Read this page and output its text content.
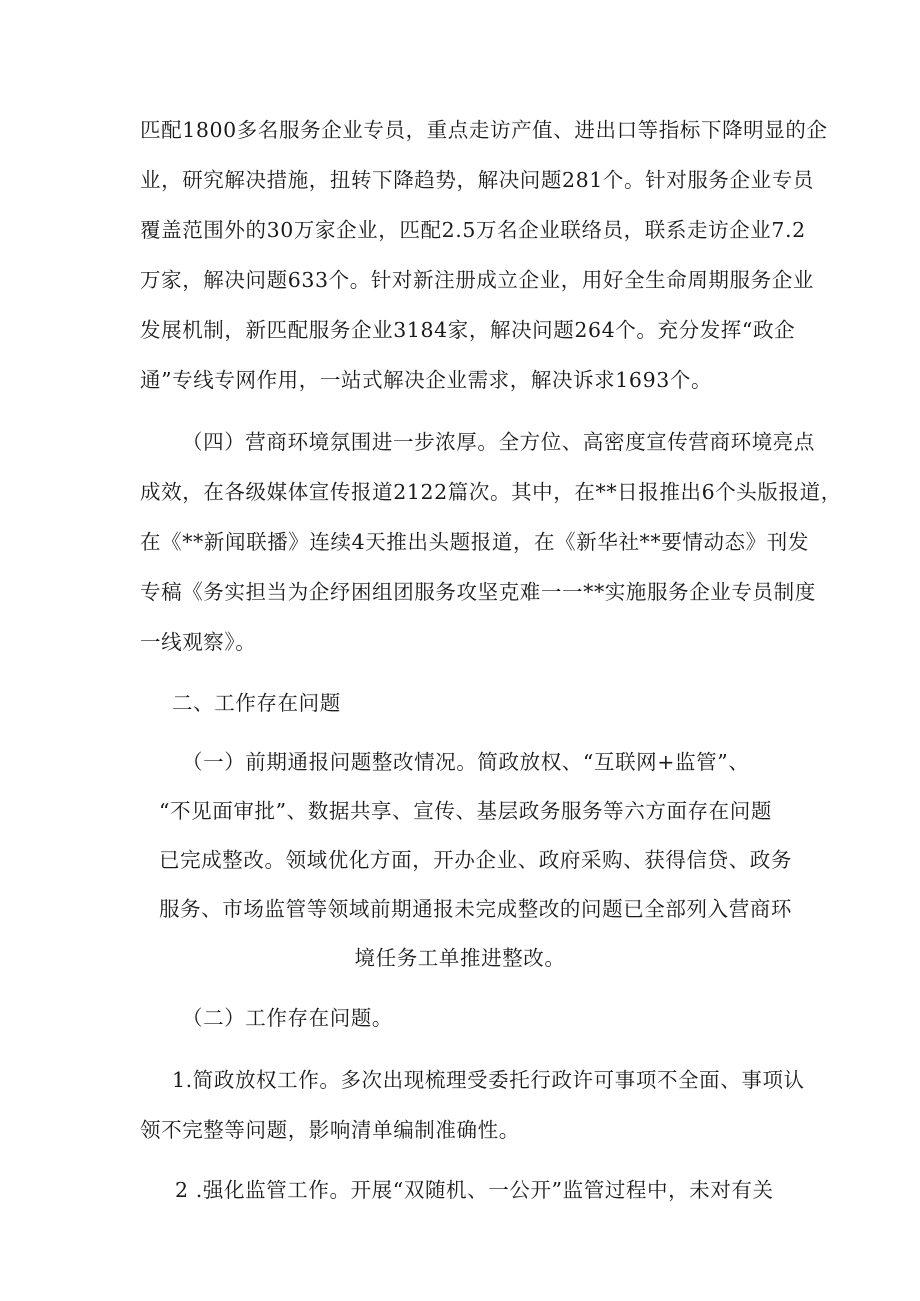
匹配1800多名服务企业专员，重点走访产值、进出口等指标下降明显的企
业，研究解决措施，扭转下降趋势，解决问题281个。针对服务企业专员
覆盖范围外的30万家企业，匹配2.5万名企业联络员，联系走访企业7.2
万家，解决问题633个。针对新注册成立企业，用好全生命周期服务企业
发展机制，新匹配服务企业3184家，解决问题264个。充分发挥“政企
通”专线专网作用，一站式解决企业需求，解决诉求1693个。
（四）营商环境氛围进一步浓厚。全方位、高密度宣传营商环境亮点
成效，在各级媒体宣传报道2122篇次。其中，在**日报推出6个头版报道，
在《**新闻联播》连续4天推出头题报道，在《新华社**要情动态》刊发
专稿《务实担当为企纾困组团服务攻坚克难一一**实施服务企业专员制度
一线观察》。
二、工作存在问题
（一）前期通报问题整改情况。简政放权、“互联网+监管”、
“不见面审批”、数据共享、宣传、基层政务服务等六方面存在问题
已完成整改。领域优化方面，开办企业、政府采购、获得信贷、政务
服务、市场监管等领域前期通报未完成整改的问题已全部列入营商环
境任务工单推进整改。
（二）工作存在问题。
1.简政放权工作。多次出现梳理受委托行政许可事项不全面、事项认
领不完整等问题，影响清单编制准确性。
2 .强化监管工作。开展“双随机、一公开”监管过程中，未对有关
